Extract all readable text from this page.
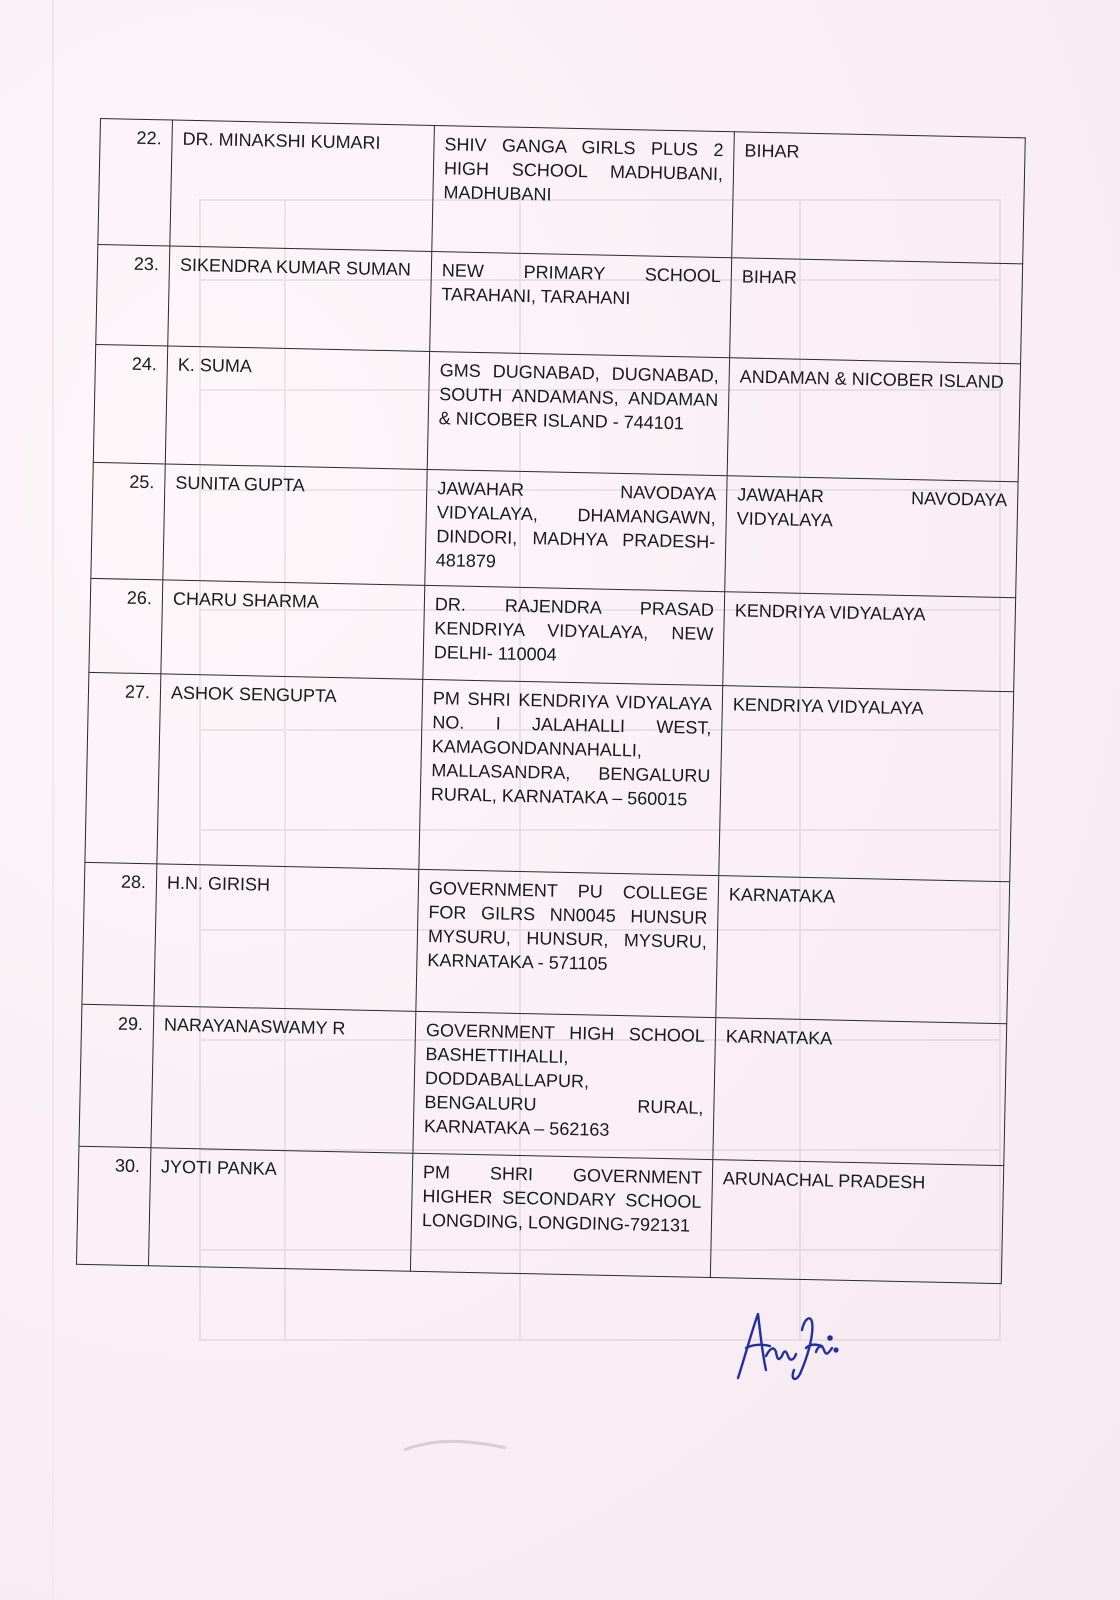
22.	DR. MINAKSHI KUMARI	SHIV GANGA GIRLS PLUS 2 HIGH SCHOOL MADHUBANI, MADHUBANI	BIHAR
23.	SIKENDRA KUMAR SUMAN	NEW PRIMARY SCHOOL TARAHANI, TARAHANI	BIHAR
24.	K. SUMA	GMS DUGNABAD, DUGNABAD, SOUTH ANDAMANS, ANDAMAN & NICOBER ISLAND - 744101	ANDAMAN & NICOBER ISLAND
25.	SUNITA GUPTA	JAWAHAR NAVODAYA VIDYALAYA, DHAMANGAWN, DINDORI, MADHYA PRADESH- 481879	JAWAHAR NAVODAYA VIDYALAYA
26.	CHARU SHARMA	DR. RAJENDRA PRASAD KENDRIYA VIDYALAYA, NEW DELHI- 110004	KENDRIYA VIDYALAYA
27.	ASHOK SENGUPTA	PM SHRI KENDRIYA VIDYALAYA NO. I JALAHALLI WEST, KAMAGONDANNAHALLI, MALLASANDRA, BENGALURU RURAL, KARNATAKA – 560015	KENDRIYA VIDYALAYA
28.	H.N. GIRISH	GOVERNMENT PU COLLEGE FOR GILRS NN0045 HUNSUR MYSURU, HUNSUR, MYSURU, KARNATAKA - 571105	KARNATAKA
29.	NARAYANASWAMY R	GOVERNMENT HIGH SCHOOL BASHETTIHALLI, DODDABALLAPUR, BENGALURU RURAL, KARNATAKA – 562163	KARNATAKA
30.	JYOTI PANKA	PM SHRI GOVERNMENT HIGHER SECONDARY SCHOOL LONGDING, LONGDING-792131	ARUNACHAL PRADESH
